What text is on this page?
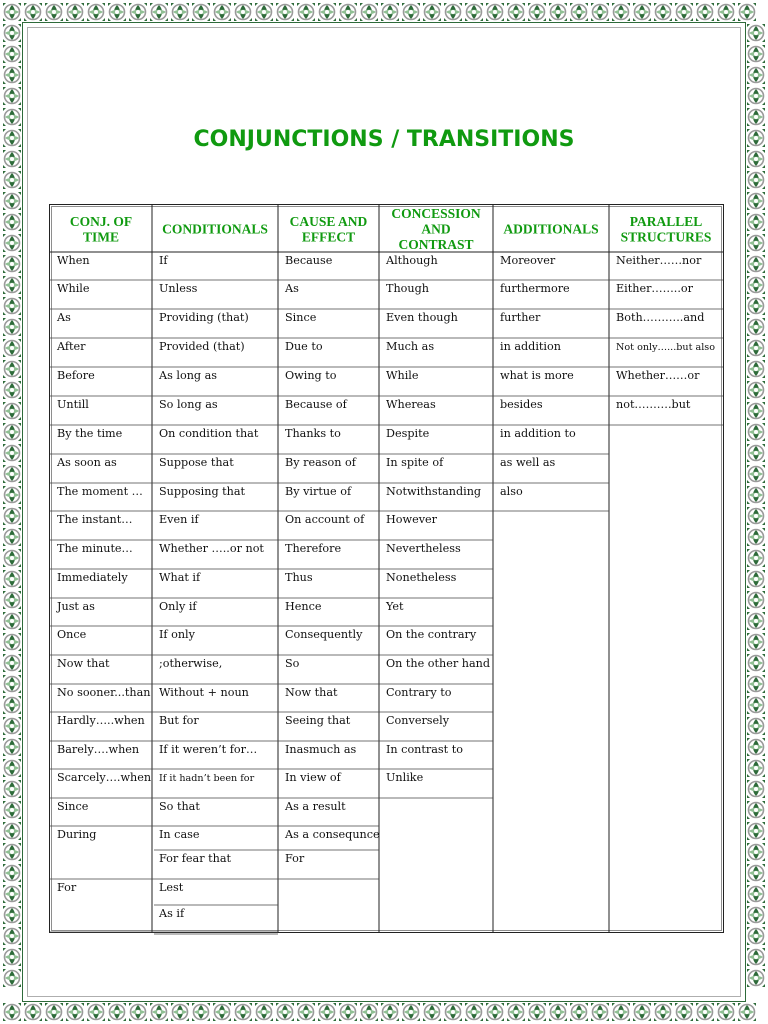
CONJUNCTIONS / TRANSITIONS
CONJ. OF
TIME
CONDITIONALS
CAUSE AND
EFFECT
CONCESSION
AND
CONTRAST
ADDITIONALS
PARALLEL
STRUCTURES
When
While
As
After
Before
Untill
By the time
As soon as
The moment …
The instant…
The minute…
Immediately
Just as
Once
Now that
No sooner...than
Hardly…..when
Barely….when
Scarcely….when
Since
During
For
If
Unless
Providing (that)
Provided (that)
As long as
So long as
On condition that
Suppose that
Supposing that
Even if
Whether …..or not
What if
Only if
If only
;otherwise,
Without + noun
But for
If it weren’t for…
If it hadn’t been for
So that
In case
For fear that
Lest
As if
Because
As
Since
Due to
Owing to
Because of
Thanks to
By reason of
By virtue of
On account of
Therefore
Thus
Hence
Consequently
So
Now that
Seeing that
Inasmuch as
In view of
As a result
As a consequnce
For
Although
Though
Even though
Much as
While
Whereas
Despite
In spite of
Notwithstanding
However
Nevertheless
Nonetheless
Yet
On the contrary
On the other hand
Contrary to
Conversely
In contrast to
Unlike
Moreover
furthermore
further
in addition
what is more
besides
in addition to
as well as
also
Neither……nor
Either……..or
Both………..and
Not only…...but also
Whether……or
not……….but
